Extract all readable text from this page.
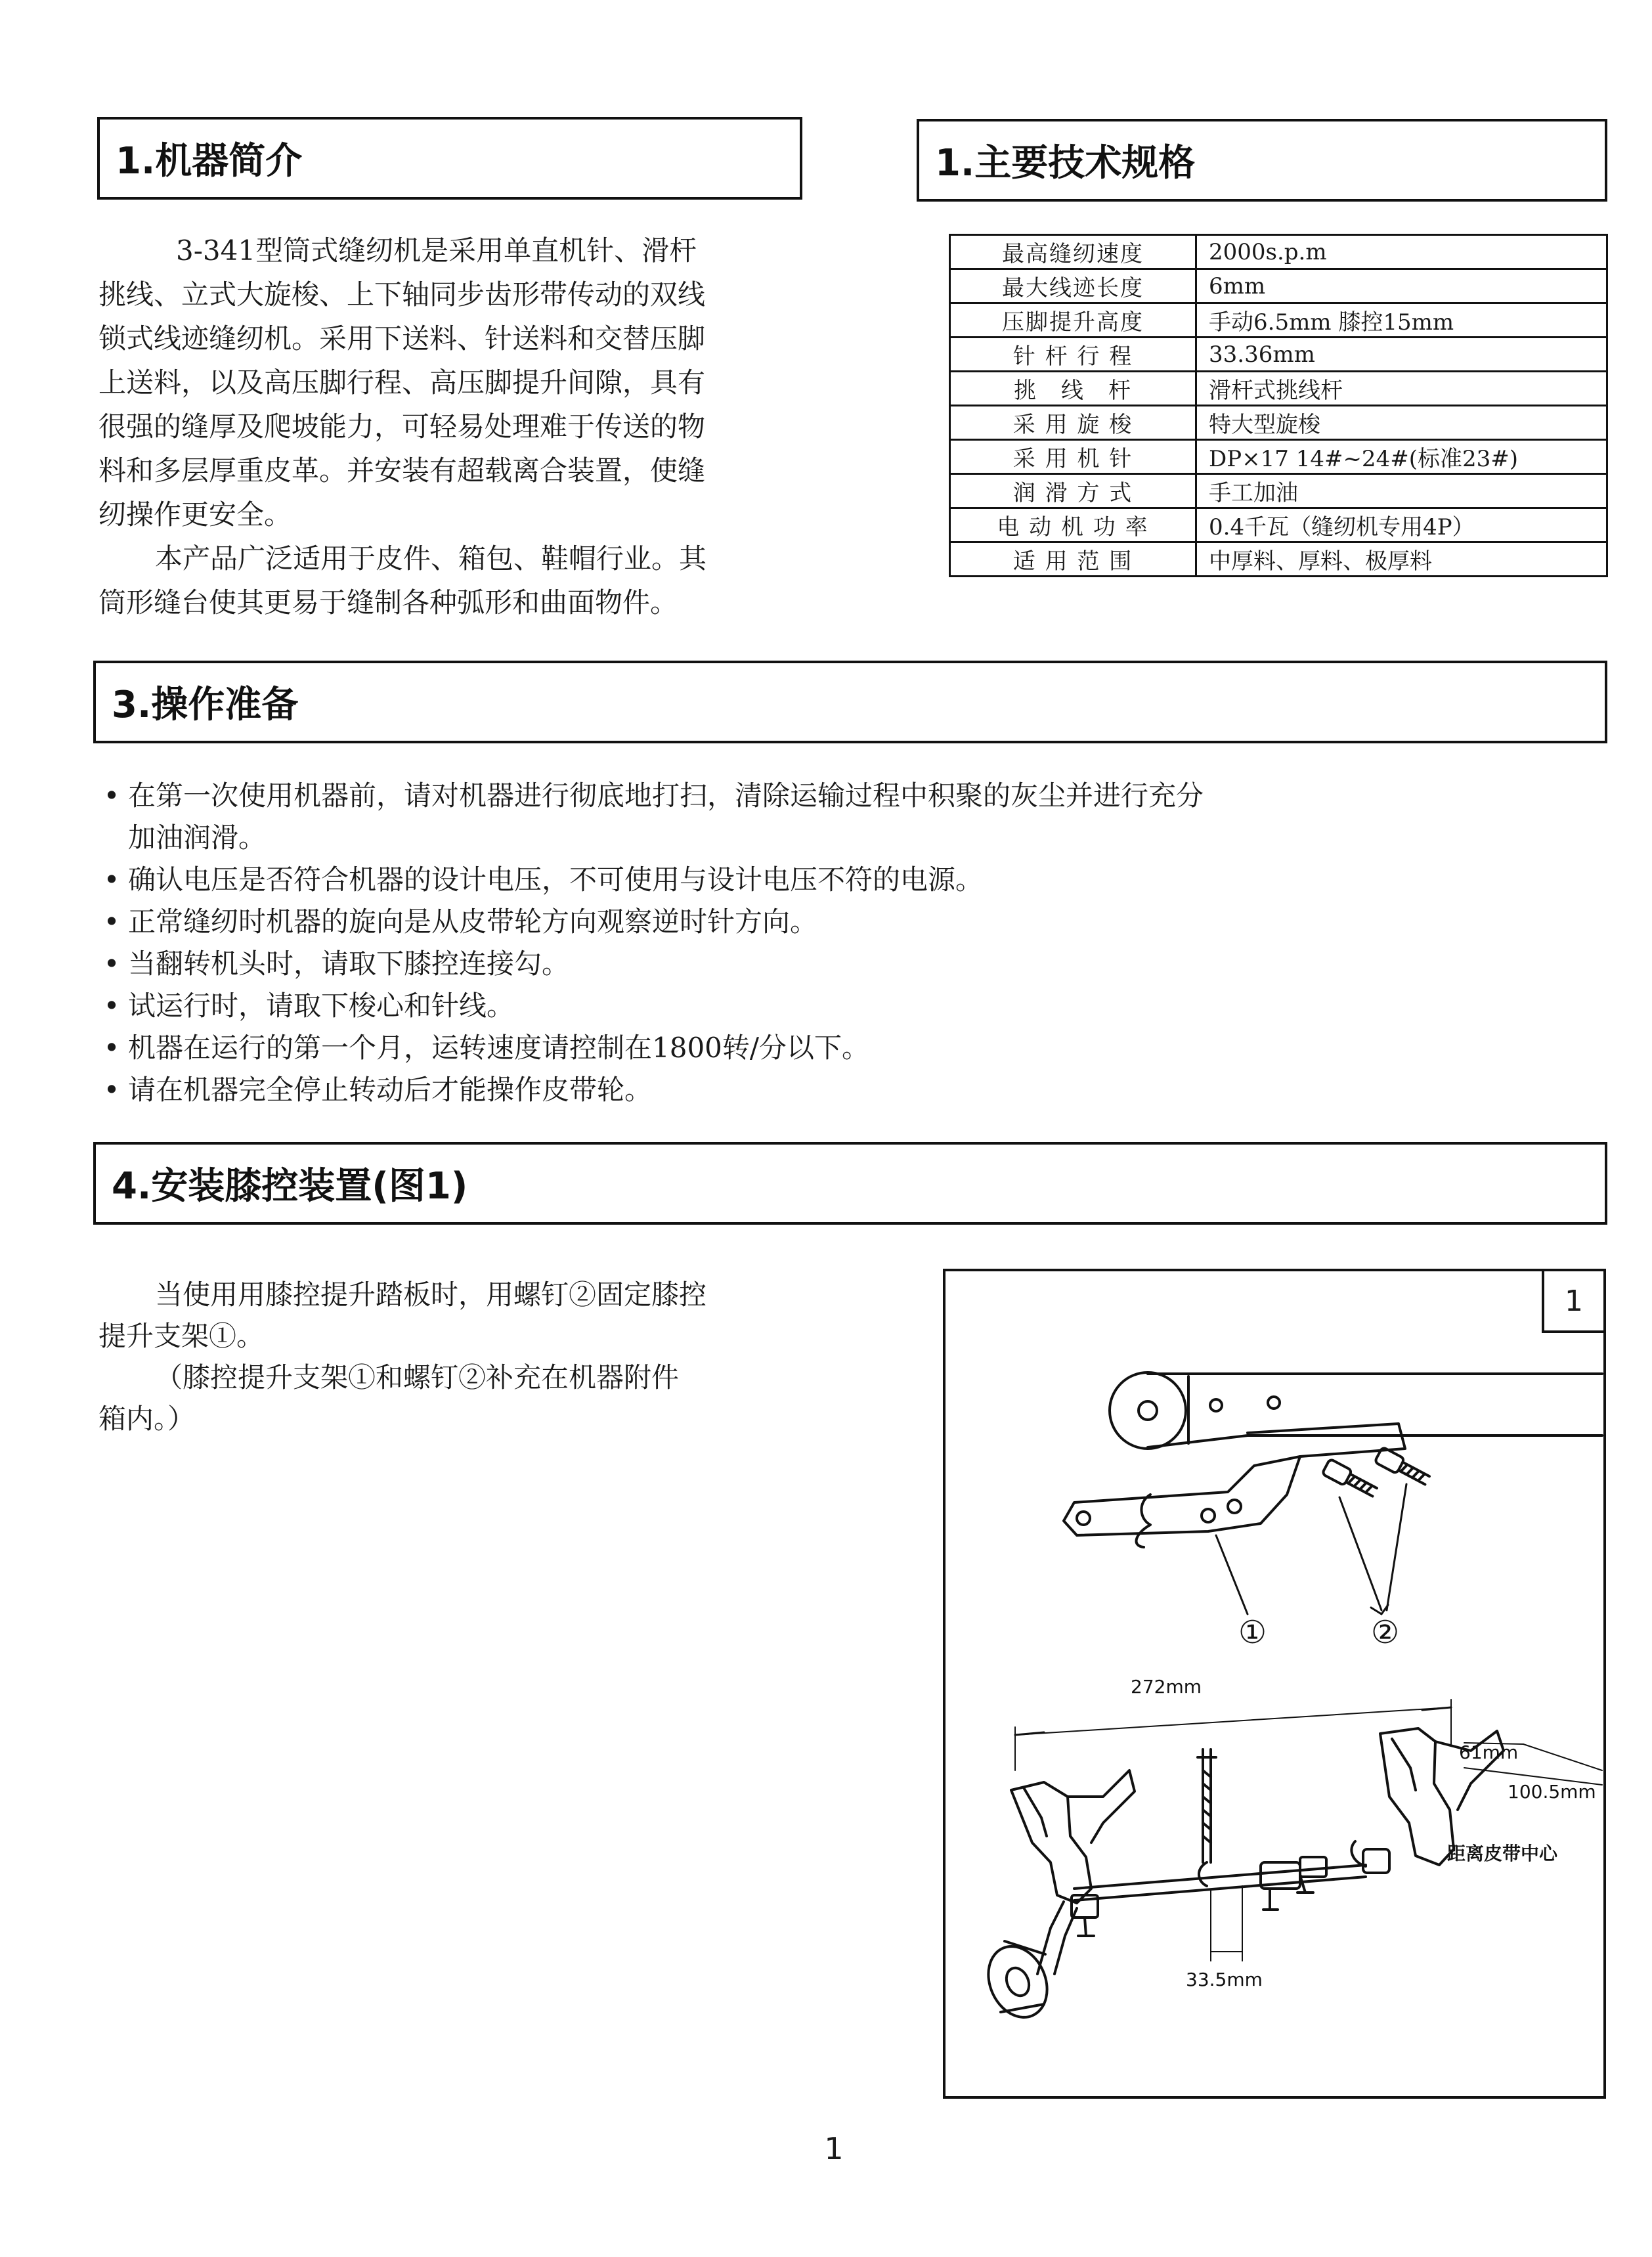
1.机器简介

3-341型筒式缝纫机是采用单直机针、滑杆

挑线、立式大旋梭、上下轴同步齿形带传动的双线

锁式线迹缝纫机。采用下送料、针送料和交替压脚

上送料，以及高压脚行程、高压脚提升间隙，具有

很强的缝厚及爬坡能力，可轻易处理难于传送的物

料和多层厚重皮革。并安装有超载离合装置，使缝

纫操作更安全。

本产品广泛适用于皮件、箱包、鞋帽行业。其

筒形缝台使其更易于缝制各种弧形和曲面物件。

1.主要技术规格
最高缝纫速度	2000s.p.m
最大线迹长度	6mm
压脚提升高度	手动6.5mm 膝控15mm
针 杆 行 程	33.36mm
挑　线　杆	滑杆式挑线杆
采 用 旋 梭	特大型旋梭
采 用 机 针	DP×17 14#~24#(标准23#)
润 滑 方 式	手工加油
电 动 机 功 率	0.4千瓦（缝纫机专用4P）
适 用 范 围	中厚料、厚料、极厚料
3.操作准备
• 在第一次使用机器前，请对机器进行彻底地打扫，清除运输过程中积聚的灰尘并进行充分
加油润滑。
• 确认电压是否符合机器的设计电压，不可使用与设计电压不符的电源。
• 正常缝纫时机器的旋向是从皮带轮方向观察逆时针方向。
• 当翻转机头时，请取下膝控连接勾。
• 试运行时，请取下梭心和针线。
• 机器在运行的第一个月，运转速度请控制在1800转/分以下。
• 请在机器完全停止转动后才能操作皮带轮。
4.安装膝控装置(图1)

当使用用膝控提升踏板时，用螺钉②固定膝控

提升支架①。

（膝控提升支架①和螺钉②补充在机器附件

箱内。）

1
①	②
272mm
61mm
100.5mm
33.5mm
距离皮带中心
1
